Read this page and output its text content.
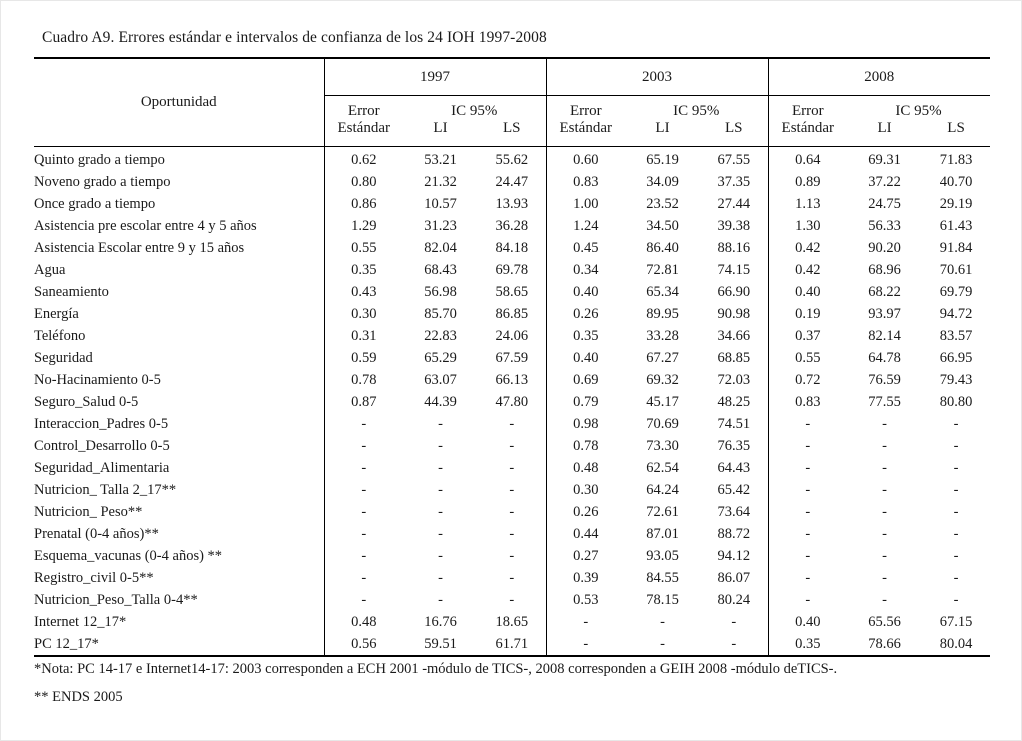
Cuadro A9. Errores estándar e intervalos de confianza de los 24 IOH 1997-2008

Oportunidad	1997			2003			2008		
	Error	IC 95%		Error	IC 95%		Error	IC 95%	
	Estándar	LI	LS	Estándar	LI	LS	Estándar	LI	LS
Quinto grado a tiempo	0.62	53.21	55.62	0.60	65.19	67.55	0.64	69.31	71.83
Noveno grado a tiempo	0.80	21.32	24.47	0.83	34.09	37.35	0.89	37.22	40.70
Once grado a tiempo	0.86	10.57	13.93	1.00	23.52	27.44	1.13	24.75	29.19
Asistencia pre escolar entre 4 y 5 años	1.29	31.23	36.28	1.24	34.50	39.38	1.30	56.33	61.43
Asistencia Escolar entre 9 y 15 años	0.55	82.04	84.18	0.45	86.40	88.16	0.42	90.20	91.84
Agua	0.35	68.43	69.78	0.34	72.81	74.15	0.42	68.96	70.61
Saneamiento	0.43	56.98	58.65	0.40	65.34	66.90	0.40	68.22	69.79
Energía	0.30	85.70	86.85	0.26	89.95	90.98	0.19	93.97	94.72
Teléfono	0.31	22.83	24.06	0.35	33.28	34.66	0.37	82.14	83.57
Seguridad	0.59	65.29	67.59	0.40	67.27	68.85	0.55	64.78	66.95
No-Hacinamiento 0-5	0.78	63.07	66.13	0.69	69.32	72.03	0.72	76.59	79.43
Seguro_Salud 0-5	0.87	44.39	47.80	0.79	45.17	48.25	0.83	77.55	80.80
Interaccion_Padres 0-5	-	-	-	0.98	70.69	74.51	-	-	-
Control_Desarrollo 0-5	-	-	-	0.78	73.30	76.35	-	-	-
Seguridad_Alimentaria	-	-	-	0.48	62.54	64.43	-	-	-
Nutricion_ Talla 2_17**	-	-	-	0.30	64.24	65.42	-	-	-
Nutricion_ Peso**	-	-	-	0.26	72.61	73.64	-	-	-
Prenatal (0-4 años)**	-	-	-	0.44	87.01	88.72	-	-	-
Esquema_vacunas (0-4 años) **	-	-	-	0.27	93.05	94.12	-	-	-
Registro_civil 0-5**	-	-	-	0.39	84.55	86.07	-	-	-
Nutricion_Peso_Talla 0-4**	-	-	-	0.53	78.15	80.24	-	-	-
Internet 12_17*	0.48	16.76	18.65	-	-	-	0.40	65.56	67.15
PC 12_17*	0.56	59.51	61.71	-	-	-	0.35	78.66	80.04

*Nota: PC 14-17 e Internet14-17: 2003 corresponden a ECH 2001 -módulo de TICS-, 2008 corresponden a GEIH 2008 -módulo deTICS-.

** ENDS 2005
